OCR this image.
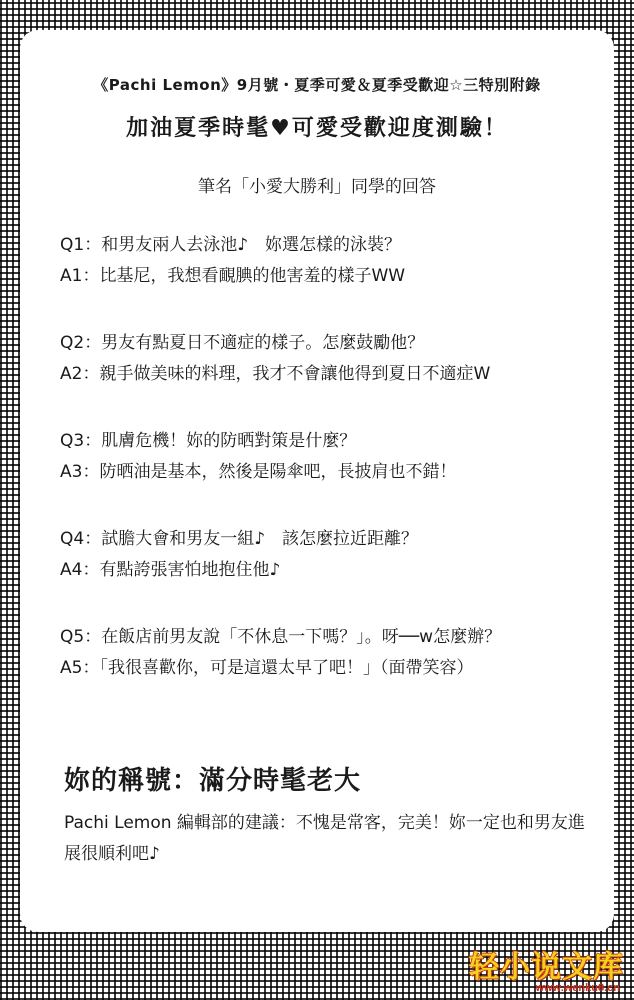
《Pachi Lemon》9月號・夏季可愛＆夏季受歡迎☆三特別附錄
加油夏季時髦♥可愛受歡迎度測驗！
筆名「小愛大勝利」同學的回答

Q1：和男友兩人去泳池♪　妳選怎樣的泳裝？

A1：比基尼，我想看靦腆的他害羞的樣子WW

Q2：男友有點夏日不適症的樣子。怎麼鼓勵他？

A2：親手做美味的料理，我才不會讓他得到夏日不適症W

Q3：肌膚危機！妳的防晒對策是什麼？

A3：防晒油是基本，然後是陽傘吧，長披肩也不錯！

Q4：試膽大會和男友一組♪　該怎麼拉近距離？

A4：有點誇張害怕地抱住他♪

Q5：在飯店前男友說「不休息一下嗎？」。呀──w怎麼辦？

A5：「我很喜歡你，可是這還太早了吧！」（面帶笑容）

妳的稱號：滿分時髦老大
Pachi Lemon 編輯部的建議：不愧是常客，完美！妳一定也和男友進展很順利吧♪
轻小说文库
www.wenku8.cn
